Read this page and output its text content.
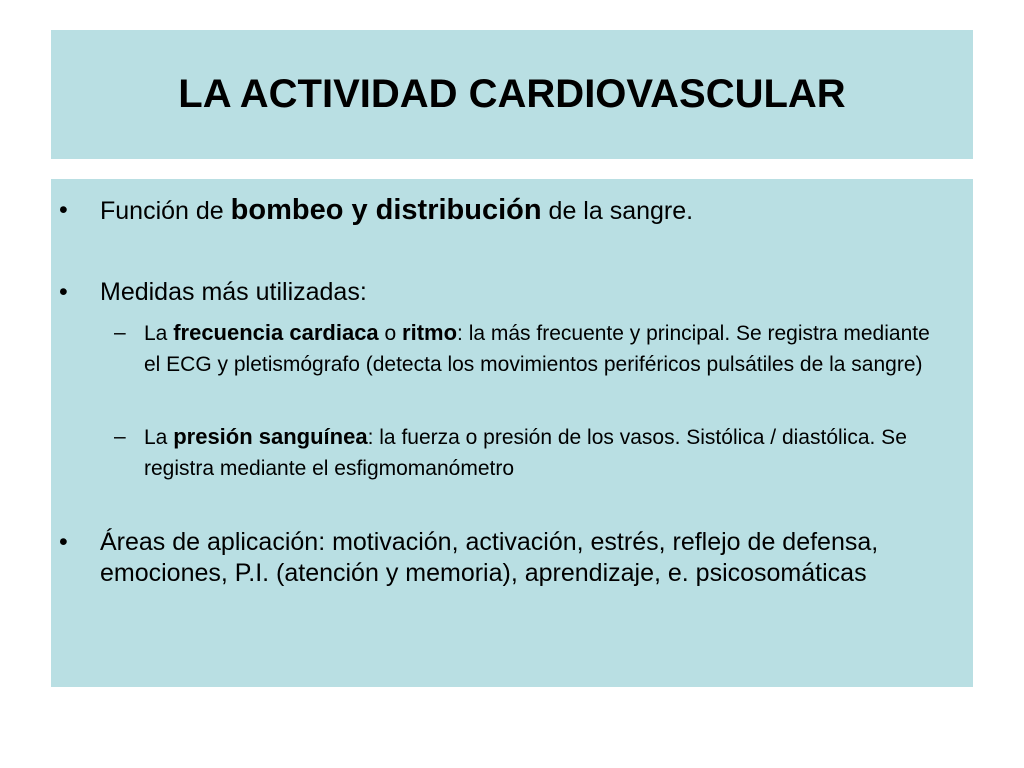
LA ACTIVIDAD CARDIOVASCULAR
•	Función de bombeo y distribución de la sangre.
•	Medidas más utilizadas:
– La frecuencia cardiaca o ritmo: la más frecuente y principal. Se registra mediante el ECG y pletismógrafo (detecta los movimientos periféricos pulsátiles de la sangre)
– La presión sanguínea: la fuerza o presión de los vasos. Sistólica / diastólica. Se registra mediante el esfigmomanómetro
•	Áreas de aplicación: motivación, activación, estrés, reflejo de defensa, emociones, P.I. (atención y memoria), aprendizaje, e. psicosomáticas
